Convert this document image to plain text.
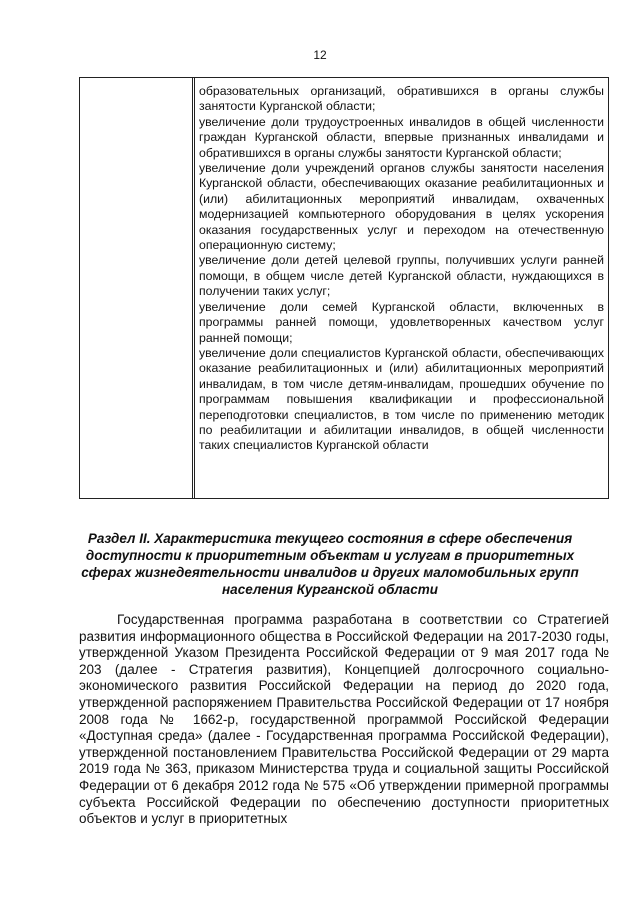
12

образовательных организаций, обратившихся в органы службы занятости Курганской области;

увеличение доли трудоустроенных инвалидов в общей численности граждан Курганской области, впервые признанных инвалидами и обратившихся в органы службы занятости Курганской области;

увеличение доли учреждений органов службы занятости населения Курганской области, обеспечивающих оказание реабилитационных и (или) абилитационных мероприятий инвалидам, охваченных модернизацией компьютерного оборудования в целях ускорения оказания государственных услуг и переходом на отечественную операционную систему;

увеличение доли детей целевой группы, получивших услуги ранней помощи, в общем числе детей Курганской области, нуждающихся в получении таких услуг;

увеличение доли семей Курганской области, включенных в программы ранней помощи, удовлетворенных качеством услуг ранней помощи;

увеличение доли специалистов Курганской области, обеспечивающих оказание реабилитационных и (или) абилитационных мероприятий инвалидам, в том числе детям-инвалидам, прошедших обучение по программам повышения квалификации и профессиональной переподготовки специалистов, в том числе по применению методик по реабилитации и абилитации инвалидов, в общей численности таких специалистов Курганской области

Раздел II. Характеристика текущего состояния в сфере обеспечения доступности к приоритетным объектам и услугам в приоритетных сферах жизнедеятельности инвалидов и других маломобильных групп населения Курганской области

Государственная программа разработана в соответствии со Стратегией развития информационного общества в Российской Федерации на 2017-2030 годы, утвержденной Указом Президента Российской Федерации от 9 мая 2017 года № 203 (далее - Стратегия развития), Концепцией долгосрочного социально-экономического развития Российской Федерации на период до 2020 года, утвержденной распоряжением Правительства Российской Федерации от 17 ноября 2008 года № 1662-р, государственной программой Российской Федерации «Доступная среда» (далее - Государственная программа Российской Федерации), утвержденной постановлением Правительства Российской Федерации от 29 марта 2019 года № 363, приказом Министерства труда и социальной защиты Российской Федерации от 6 декабря 2012 года № 575 «Об утверждении примерной программы субъекта Российской Федерации по обеспечению доступности приоритетных объектов и услуг в приоритетных
